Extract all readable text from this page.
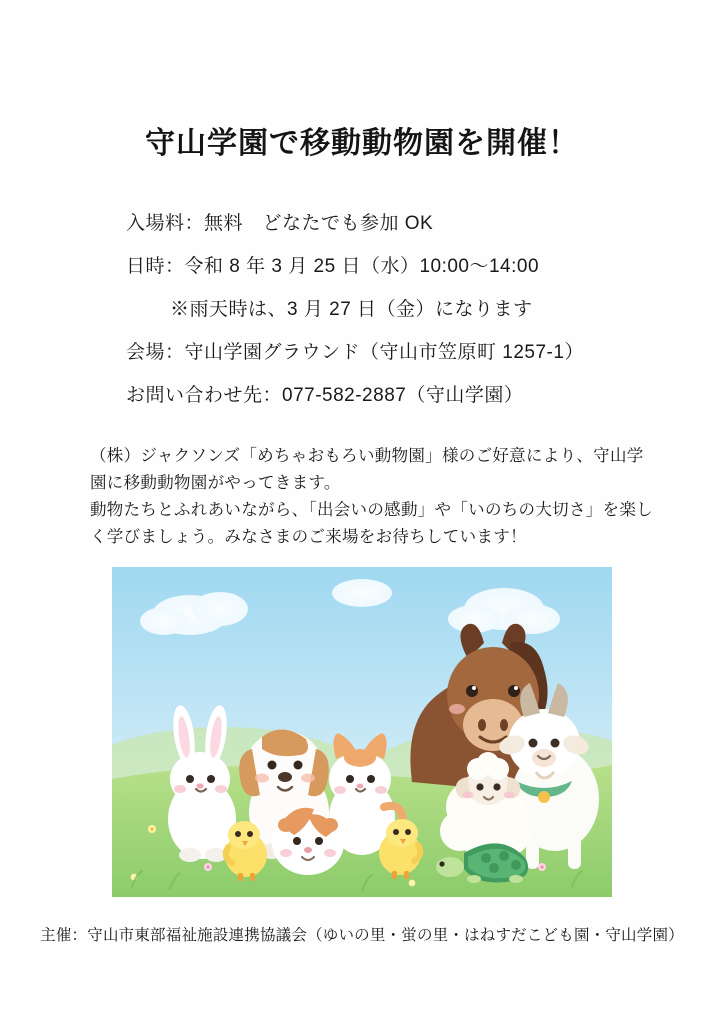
守山学園で移動動物園を開催！
入場料：無料　どなたでも参加 OK
日時：令和 8 年 3 月 25 日（水）10:00〜14:00
※雨天時は、3 月 27 日（金）になります
会場：守山学園グラウンド（守山市笠原町 1257-1）
お問い合わせ先：077-582-2887（守山学園）

（株）ジャクソンズ「めちゃおもろい動物園」様のご好意により、守山学園に移動動物園がやってきます。

動物たちとふれあいながら、「出会いの感動」や「いのちの大切さ」を楽しく学びましょう。みなさまのご来場をお待ちしています！

主催：守山市東部福祉施設連携協議会（ゆいの里・蛍の里・はねすだこども園・守山学園）
